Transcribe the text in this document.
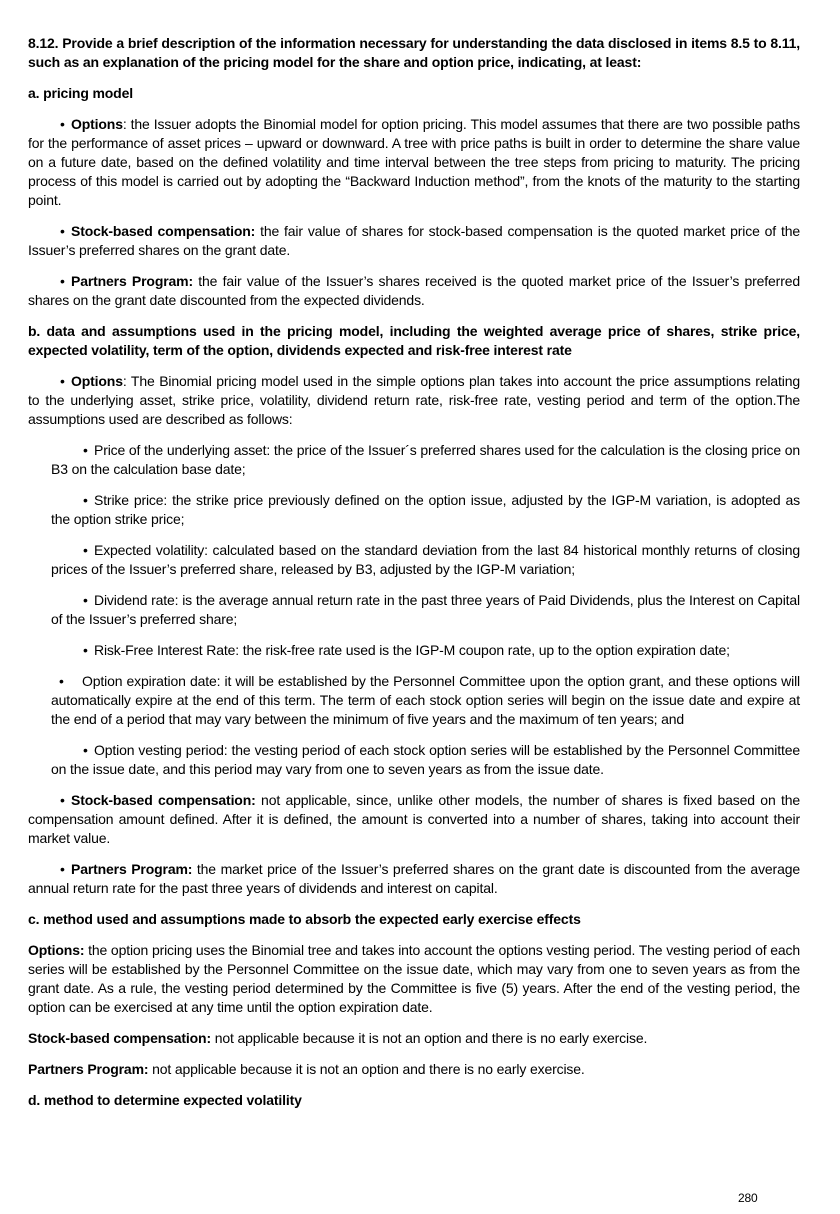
8.12. Provide a brief description of the information necessary for understanding the data disclosed in items 8.5 to 8.11, such as an explanation of the pricing model for the share and option price, indicating, at least:

a. pricing model

• Options: the Issuer adopts the Binomial model for option pricing. This model assumes that there are two possible paths for the performance of asset prices – upward or downward. A tree with price paths is built in order to determine the share value on a future date, based on the defined volatility and time interval between the tree steps from pricing to maturity. The pricing process of this model is carried out by adopting the “Backward Induction method”, from the knots of the maturity to the starting point.

• Stock-based compensation: the fair value of shares for stock-based compensation is the quoted market price of the Issuer’s preferred shares on the grant date.

• Partners Program: the fair value of the Issuer’s shares received is the quoted market price of the Issuer’s preferred shares on the grant date discounted from the expected dividends.

b. data and assumptions used in the pricing model, including the weighted average price of shares, strike price, expected volatility, term of the option, dividends expected and risk-free interest rate

• Options: The Binomial pricing model used in the simple options plan takes into account the price assumptions relating to the underlying asset, strike price, volatility, dividend return rate, risk-free rate, vesting period and term of the option.The assumptions used are described as follows:

• Price of the underlying asset: the price of the Issuer´s preferred shares used for the calculation is the closing price on B3 on the calculation base date;

• Strike price: the strike price previously defined on the option issue, adjusted by the IGP-M variation, is adopted as the option strike price;

• Expected volatility: calculated based on the standard deviation from the last 84 historical monthly returns of closing prices of the Issuer’s preferred share, released by B3, adjusted by the IGP-M variation;

• Dividend rate: is the average annual return rate in the past three years of Paid Dividends, plus the Interest on Capital of the Issuer’s preferred share;

• Risk-Free Interest Rate: the risk-free rate used is the IGP-M coupon rate, up to the option expiration date;

• Option expiration date: it will be established by the Personnel Committee upon the option grant, and these options will automatically expire at the end of this term. The term of each stock option series will begin on the issue date and expire at the end of a period that may vary between the minimum of five years and the maximum of ten years; and

• Option vesting period: the vesting period of each stock option series will be established by the Personnel Committee on the issue date, and this period may vary from one to seven years as from the issue date.

• Stock-based compensation: not applicable, since, unlike other models, the number of shares is fixed based on the compensation amount defined. After it is defined, the amount is converted into a number of shares, taking into account their market value.

• Partners Program: the market price of the Issuer’s preferred shares on the grant date is discounted from the average annual return rate for the past three years of dividends and interest on capital.

c. method used and assumptions made to absorb the expected early exercise effects

Options: the option pricing uses the Binomial tree and takes into account the options vesting period. The vesting period of each series will be established by the Personnel Committee on the issue date, which may vary from one to seven years as from the grant date. As a rule, the vesting period determined by the Committee is five (5) years. After the end of the vesting period, the option can be exercised at any time until the option expiration date.

Stock-based compensation: not applicable because it is not an option and there is no early exercise.

Partners Program: not applicable because it is not an option and there is no early exercise.

d. method to determine expected volatility

280
